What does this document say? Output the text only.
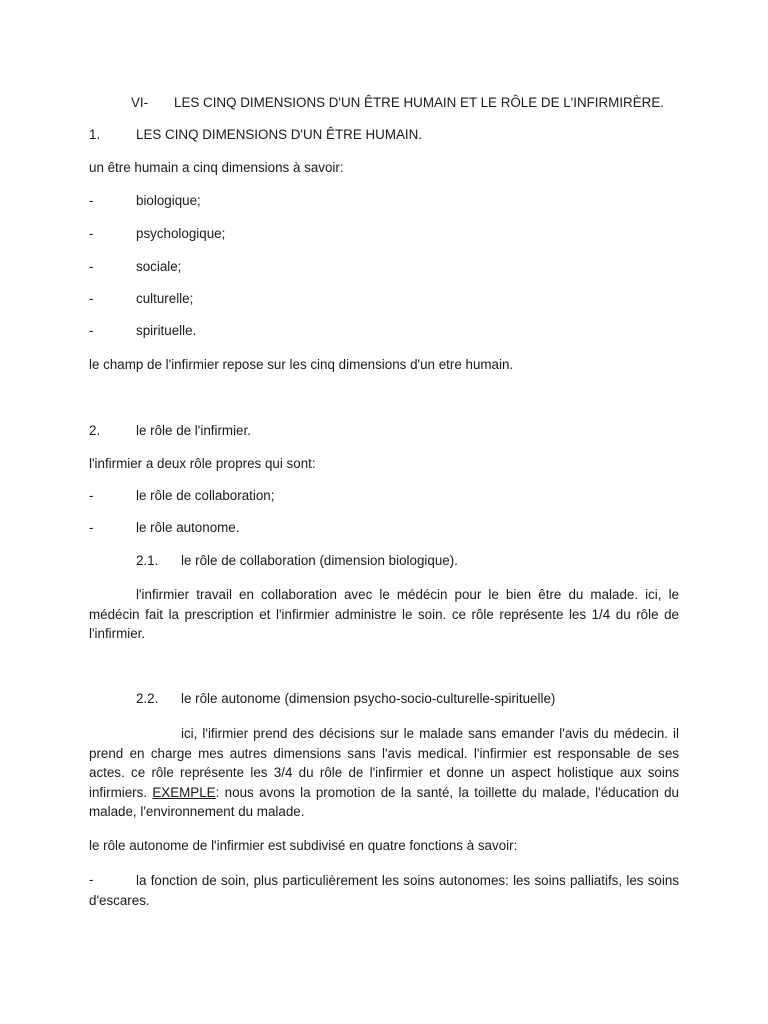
VI- LES CINQ DIMENSIONS D'UN ÊTRE HUMAIN ET LE RÔLE DE L'INFIRMIRÈRE.
1.	LES CINQ DIMENSIONS D'UN ÊTRE HUMAIN.
un être humain a cinq dimensions à savoir:
-	biologique;
-	psychologique;
-	sociale;
-	culturelle;
-	spirituelle.
le champ de l'infirmier repose sur les cinq dimensions d'un etre humain.
2.	le rôle de l'infirmier.
l'infirmier a deux rôle propres qui sont:
-	le rôle de collaboration;
-	le rôle autonome.
2.1. le rôle de collaboration (dimension biologique).
l'infirmier travail en collaboration avec le médécin pour le bien être du malade. ici, le médécin fait la prescription et l'infirmier administre le soin. ce rôle représente les 1/4 du rôle de l'infirmier.
2.2. le rôle autonome (dimension psycho-socio-culturelle-spirituelle)
ici, l'ifirmier prend des décisions sur le malade sans emander l'avis du médecin. il prend en charge mes autres dimensions sans l'avis medical. l'infirmier est responsable de ses actes. ce rôle représente les 3/4 du rôle de l'infirmier et donne un aspect holistique aux soins infirmiers. EXEMPLE: nous avons la promotion de la santé, la toillette du malade, l'éducation du malade, l'environnement du malade.
le rôle autonome de l'infirmier est subdivisé en quatre fonctions à savoir:
-	la fonction de soin, plus particulièrement les soins autonomes: les soins palliatifs, les soins d'escares.
